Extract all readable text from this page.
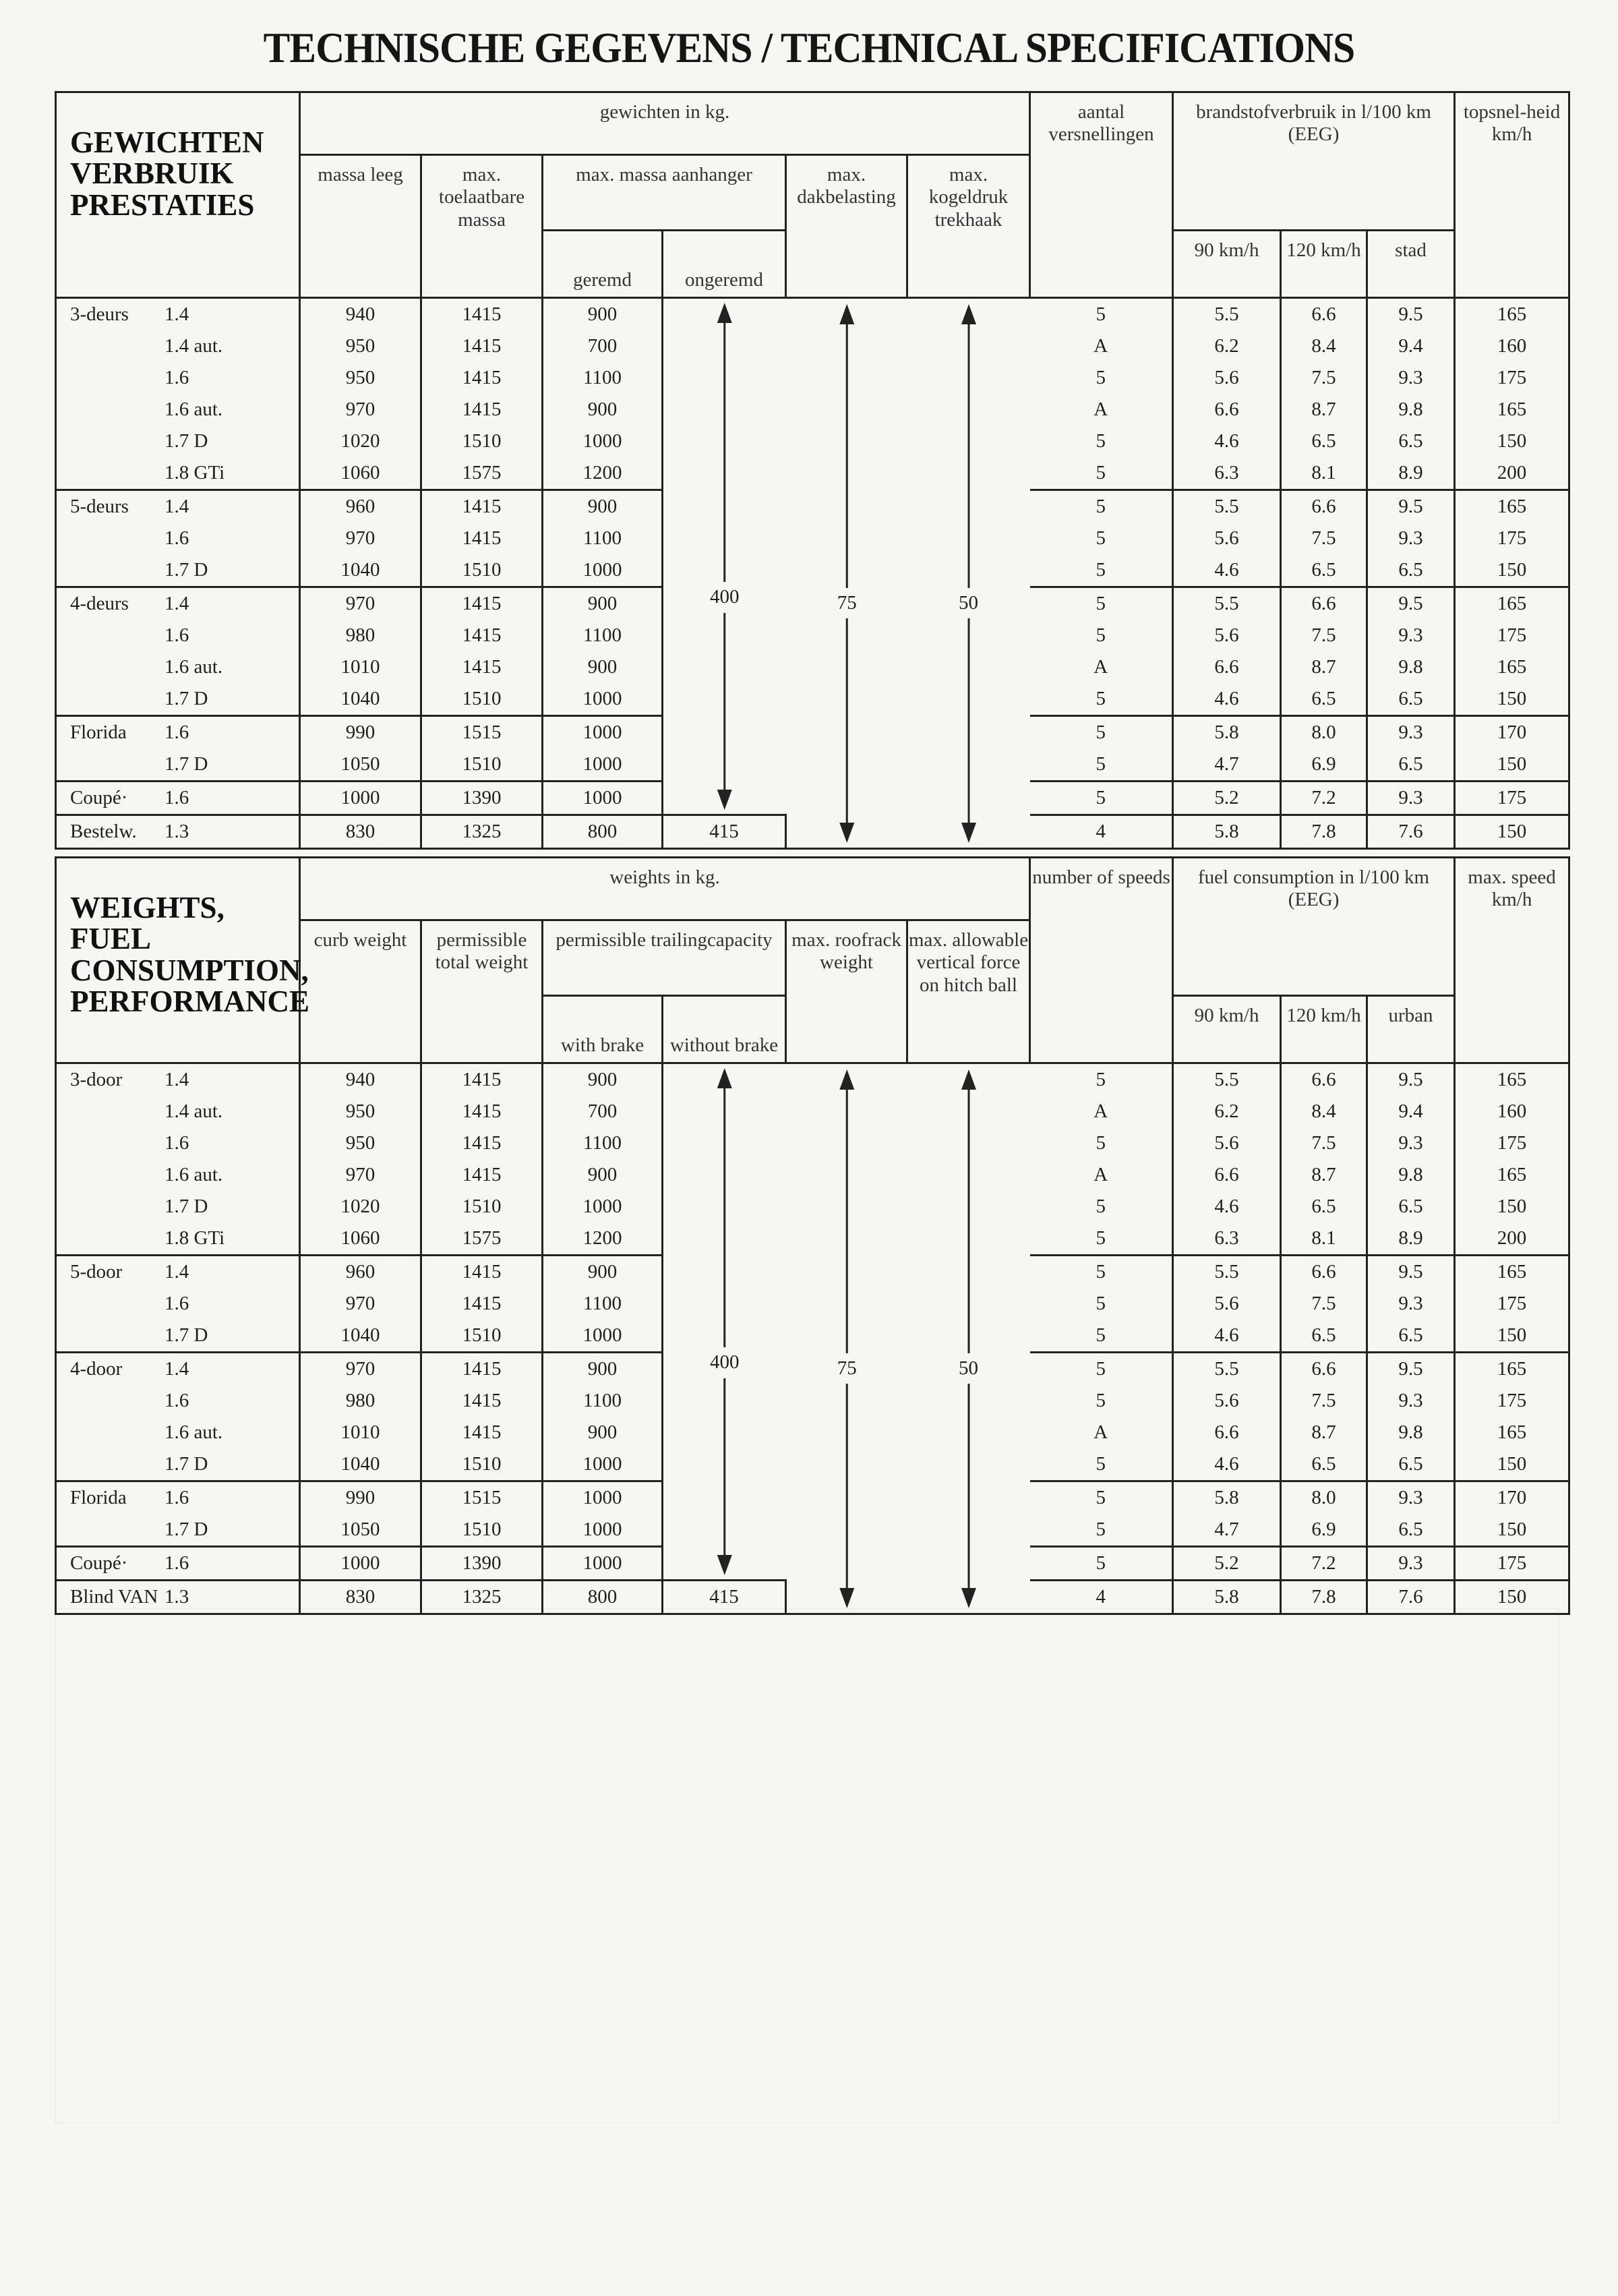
TECHNISCHE GEGEVENS / TECHNICAL SPECIFICATIONS
GEWICHTEN VERBRUIK PRESTATIES	gewichten in kg.						aantal versnellingen	brandstofverbruik in l/100 km (EEG)			topsnel-heid km/h
	massa leeg	max. toelaatbare massa	max. massa aanhanger		max. dakbelasting	max. kogeldruk trekhaak					
			geremd	ongeremd				90 km/h	120 km/h	stad	
3-deurs 1.4	940	1415	900	400	75	50	5	5.5	6.6	9.5	165
1.4 aut.	950	1415	700				A	6.2	8.4	9.4	160
1.6	950	1415	1100				5	5.6	7.5	9.3	175
1.6 aut.	970	1415	900				A	6.6	8.7	9.8	165
1.7 D	1020	1510	1000				5	4.6	6.5	6.5	150
1.8 GTi	1060	1575	1200				5	6.3	8.1	8.9	200
5-deurs 1.4	960	1415	900				5	5.5	6.6	9.5	165
1.6	970	1415	1100				5	5.6	7.5	9.3	175
1.7 D	1040	1510	1000				5	4.6	6.5	6.5	150
4-deurs 1.4	970	1415	900				5	5.5	6.6	9.5	165
1.6	980	1415	1100				5	5.6	7.5	9.3	175
1.6 aut.	1010	1415	900				A	6.6	8.7	9.8	165
1.7 D	1040	1510	1000				5	4.6	6.5	6.5	150
Florida 1.6	990	1515	1000				5	5.8	8.0	9.3	170
1.7 D	1050	1510	1000				5	4.7	6.9	6.5	150
Coupé· 1.6	1000	1390	1000				5	5.2	7.2	9.3	175
Bestelw. 1.3	830	1325	800	415			4	5.8	7.8	7.6	150
WEIGHTS, FUEL CONSUMPTION, PERFORMANCE	weights in kg.						number of speeds	fuel consumption in l/100 km (EEG)			max. speed km/h
	curb weight	permissible total weight	permissible trailingcapacity		max. roofrack weight	max. allowable vertical force on hitch ball					
			with brake	without brake				90 km/h	120 km/h	urban	
3-door 1.4	940	1415	900	400	75	50	5	5.5	6.6	9.5	165
1.4 aut.	950	1415	700				A	6.2	8.4	9.4	160
1.6	950	1415	1100				5	5.6	7.5	9.3	175
1.6 aut.	970	1415	900				A	6.6	8.7	9.8	165
1.7 D	1020	1510	1000				5	4.6	6.5	6.5	150
1.8 GTi	1060	1575	1200				5	6.3	8.1	8.9	200
5-door 1.4	960	1415	900				5	5.5	6.6	9.5	165
1.6	970	1415	1100				5	5.6	7.5	9.3	175
1.7 D	1040	1510	1000				5	4.6	6.5	6.5	150
4-door 1.4	970	1415	900				5	5.5	6.6	9.5	165
1.6	980	1415	1100				5	5.6	7.5	9.3	175
1.6 aut.	1010	1415	900				A	6.6	8.7	9.8	165
1.7 D	1040	1510	1000				5	4.6	6.5	6.5	150
Florida 1.6	990	1515	1000				5	5.8	8.0	9.3	170
1.7 D	1050	1510	1000				5	4.7	6.9	6.5	150
Coupé· 1.6	1000	1390	1000				5	5.2	7.2	9.3	175
Blind VAN 1.3	830	1325	800	415			4	5.8	7.8	7.6	150
